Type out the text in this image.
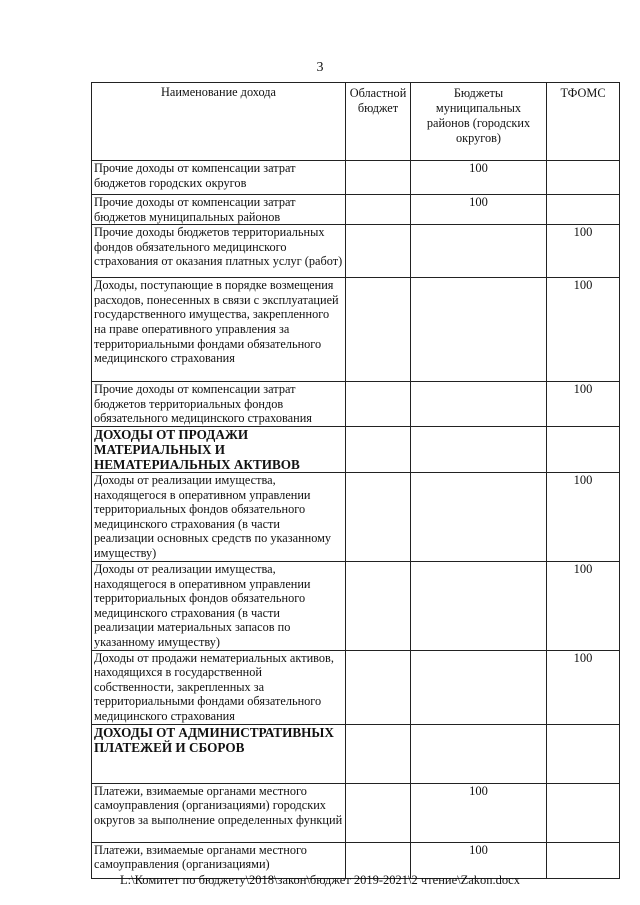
3
Наименование дохода	Областной бюджет	Бюджеты муниципальных районов (городских округов)	ТФОМС
Прочие доходы от компенсации затрат бюджетов городских округов		100	
Прочие доходы от компенсации затрат бюджетов муниципальных районов		100	
Прочие доходы бюджетов территориальных фондов обязательного медицинского страхования от оказания платных услуг (работ)			100
Доходы, поступающие в порядке возмещения расходов, понесенных в связи с эксплуатацией государственного имущества, закрепленного на праве оперативного управления за территориальными фондами обязательного медицинского страхования			100
Прочие доходы от компенсации затрат бюджетов территориальных фондов обязательного медицинского страхования			100
ДОХОДЫ ОТ ПРОДАЖИ МАТЕРИАЛЬНЫХ И НЕМАТЕРИАЛЬНЫХ АКТИВОВ			
Доходы от реализации имущества, находящегося в оперативном управлении территориальных фондов обязательного медицинского страхования (в части реализации основных средств по указанному имуществу)			100
Доходы от реализации имущества, находящегося в оперативном управлении территориальных фондов обязательного медицинского страхования (в части реализации материальных запасов по указанному имуществу)			100
Доходы от продажи нематериальных активов, находящихся в государственной собственности, закрепленных за территориальными фондами обязательного медицинского страхования			100
ДОХОДЫ ОТ АДМИНИСТРАТИВНЫХ ПЛАТЕЖЕЙ И СБОРОВ			
Платежи, взимаемые органами местного самоуправления (организациями) городских округов за выполнение определенных функций		100	
Платежи, взимаемые органами местного самоуправления (организациями)		100	
L:\Комитет по бюджету\2018\закон\бюджет 2019-2021\2 чтение\Zakon.docx
